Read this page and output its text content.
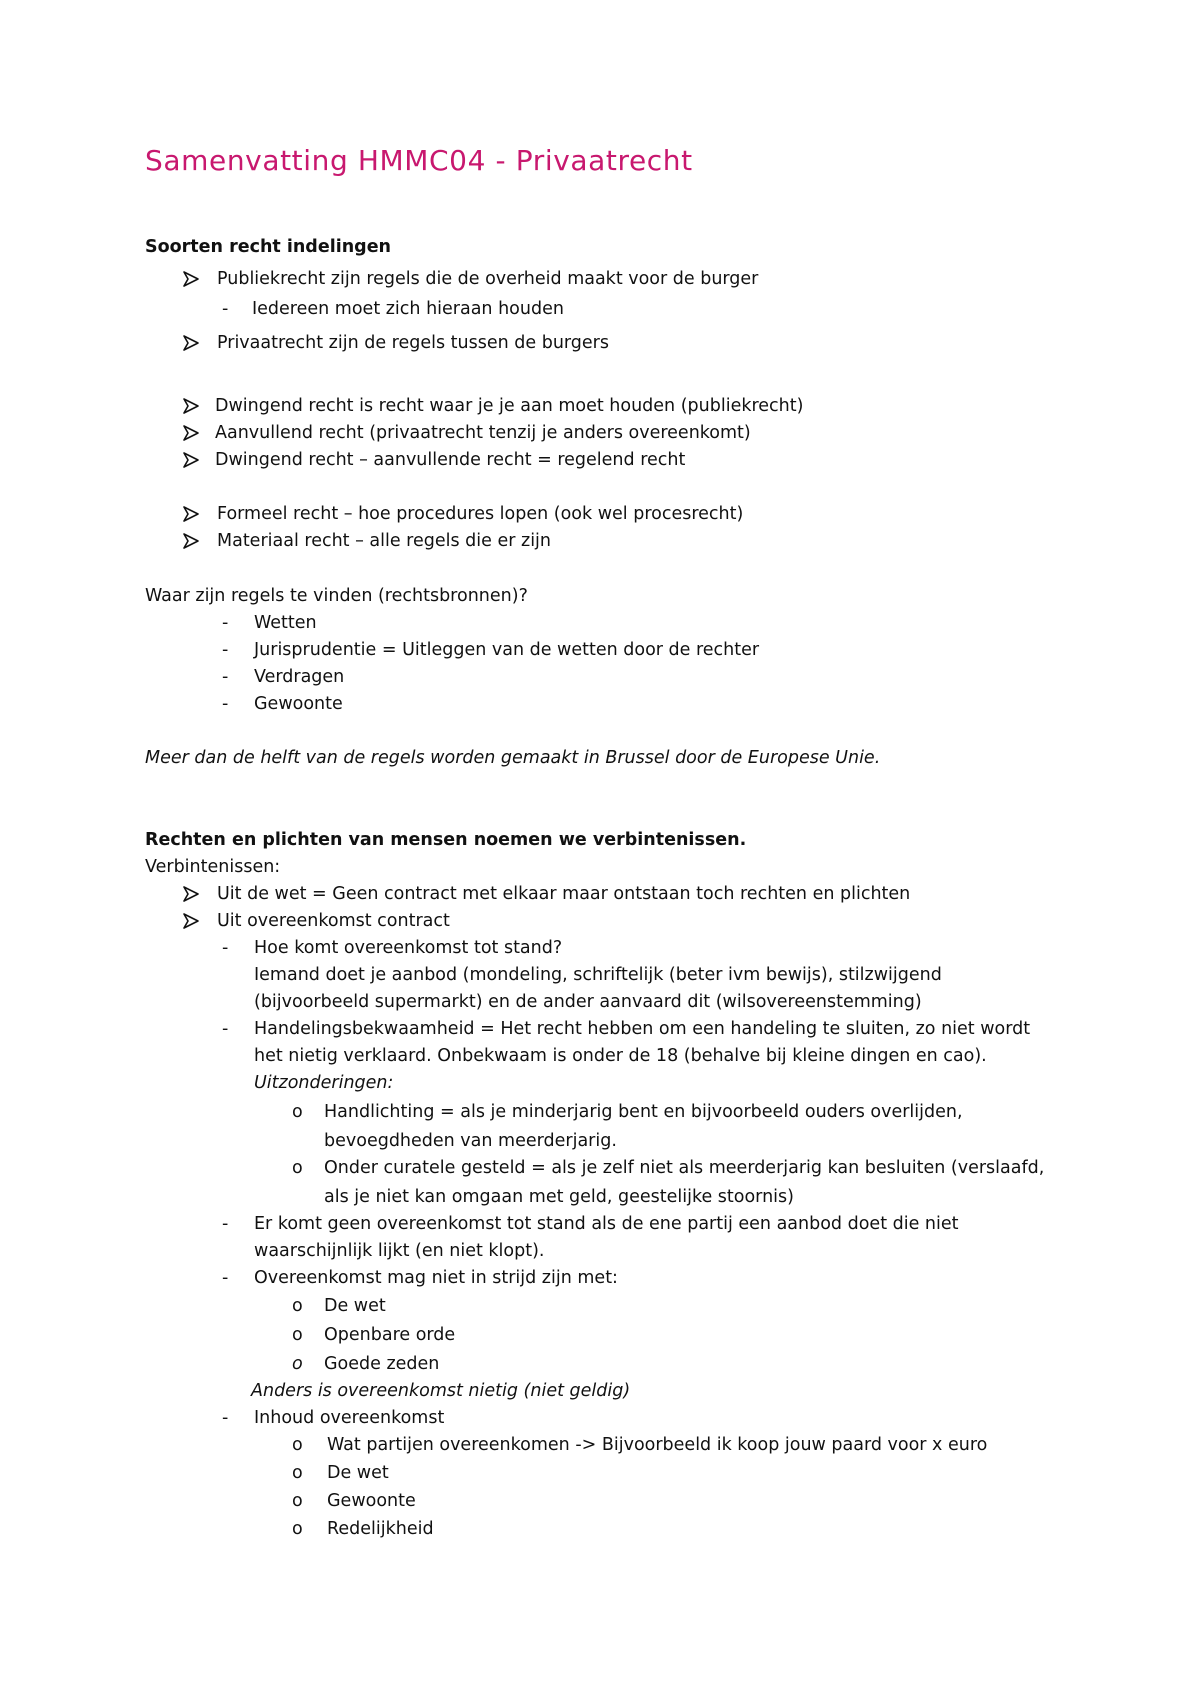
Samenvatting HMMC04 - Privaatrecht
Soorten recht indelingen
Publiekrecht zijn regels die de overheid maakt voor de burger
- Iedereen moet zich hieraan houden
Privaatrecht zijn de regels tussen de burgers
Dwingend recht is recht waar je je aan moet houden (publiekrecht)
Aanvullend recht (privaatrecht tenzij je anders overeenkomt)
Dwingend recht – aanvullende recht = regelend recht
Formeel recht – hoe procedures lopen (ook wel procesrecht)
Materiaal recht – alle regels die er zijn
Waar zijn regels te vinden (rechtsbronnen)?
- Wetten
- Jurisprudentie = Uitleggen van de wetten door de rechter
- Verdragen
- Gewoonte
Meer dan de helft van de regels worden gemaakt in Brussel door de Europese Unie.
Rechten en plichten van mensen noemen we verbintenissen.
Verbintenissen:
Uit de wet = Geen contract met elkaar maar ontstaan toch rechten en plichten
Uit overeenkomst contract
- Hoe komt overeenkomst tot stand?
Iemand doet je aanbod (mondeling, schriftelijk (beter ivm bewijs), stilzwijgend
(bijvoorbeeld supermarkt) en de ander aanvaard dit (wilsovereenstemming)
- Handelingsbekwaamheid = Het recht hebben om een handeling te sluiten, zo niet wordt
het nietig verklaard. Onbekwaam is onder de 18 (behalve bij kleine dingen en cao).
Uitzonderingen:
o Handlichting = als je minderjarig bent en bijvoorbeeld ouders overlijden,
bevoegdheden van meerderjarig.
o Onder curatele gesteld = als je zelf niet als meerderjarig kan besluiten (verslaafd,
als je niet kan omgaan met geld, geestelijke stoornis)
- Er komt geen overeenkomst tot stand als de ene partij een aanbod doet die niet
waarschijnlijk lijkt (en niet klopt).
- Overeenkomst mag niet in strijd zijn met:
o De wet
o Openbare orde
o Goede zeden
Anders is overeenkomst nietig (niet geldig)
- Inhoud overeenkomst
o Wat partijen overeenkomen -> Bijvoorbeeld ik koop jouw paard voor x euro
o De wet
o Gewoonte
o Redelijkheid
